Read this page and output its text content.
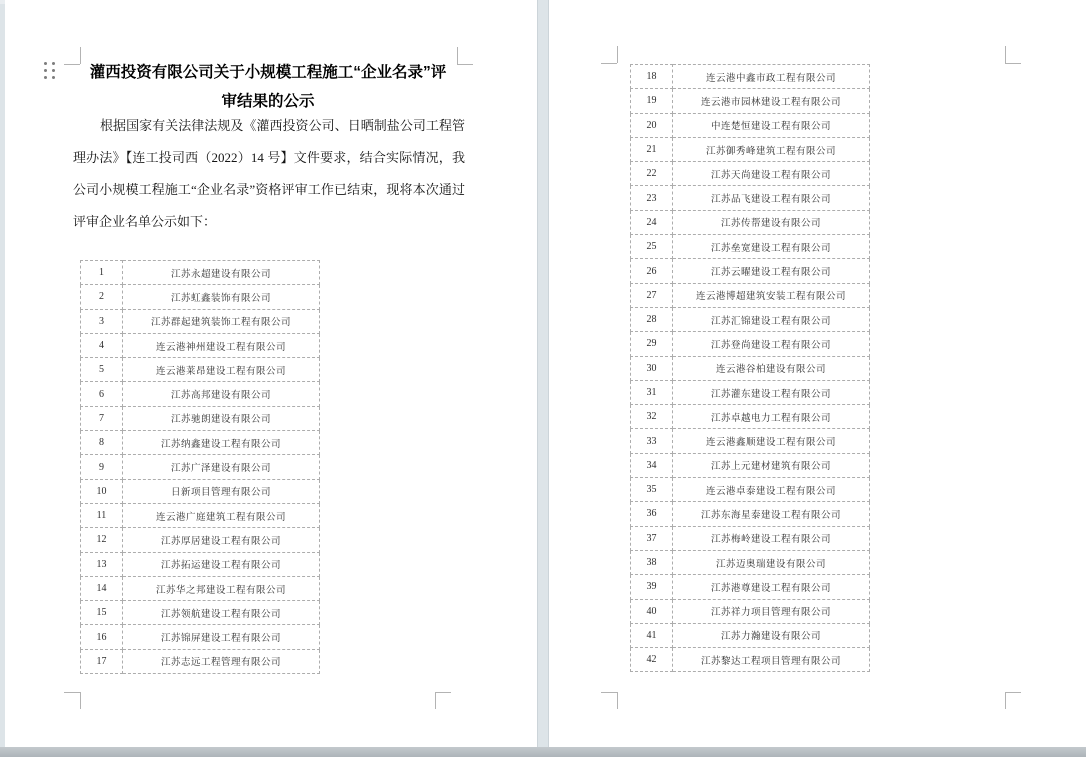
灌西投资有限公司关于小规模工程施工“企业名录”评
审结果的公示

根据国家有关法律法规及《灌西投资公司、日晒制盐公司工程管理办法》【连工投司西（2022）14 号】文件要求，结合实际情况，我公司小规模工程施工“企业名录”资格评审工作已结束，现将本次通过评审企业名单公示如下：

1	江苏永超建设有限公司
2	江苏虹鑫装饰有限公司
3	江苏群起建筑装饰工程有限公司
4	连云港神州建设工程有限公司
5	连云港莱昂建设工程有限公司
6	江苏高邦建设有限公司
7	江苏驰朗建设有限公司
8	江苏纳鑫建设工程有限公司
9	江苏广泽建设有限公司
10	日新项目管理有限公司
11	连云港广庭建筑工程有限公司
12	江苏厚居建设工程有限公司
13	江苏拓运建设工程有限公司
14	江苏华之邦建设工程有限公司
15	江苏领航建设工程有限公司
16	江苏锦屏建设工程有限公司
17	江苏志远工程管理有限公司
18	连云港中鑫市政工程有限公司
19	连云港市园林建设工程有限公司
20	中连楚恒建设工程有限公司
21	江苏御秀峰建筑工程有限公司
22	江苏天尚建设工程有限公司
23	江苏品飞建设工程有限公司
24	江苏传帮建设有限公司
25	江苏垒宽建设工程有限公司
26	江苏云曜建设工程有限公司
27	连云港博超建筑安装工程有限公司
28	江苏汇锦建设工程有限公司
29	江苏登尚建设工程有限公司
30	连云港谷柏建设有限公司
31	江苏灌东建设工程有限公司
32	江苏卓越电力工程有限公司
33	连云港鑫顺建设工程有限公司
34	江苏上元建材建筑有限公司
35	连云港卓泰建设工程有限公司
36	江苏东海星泰建设工程有限公司
37	江苏梅岭建设工程有限公司
38	江苏迈奥瑞建设有限公司
39	江苏港尊建设工程有限公司
40	江苏祥力项目管理有限公司
41	江苏力瀚建设有限公司
42	江苏黎达工程项目管理有限公司
